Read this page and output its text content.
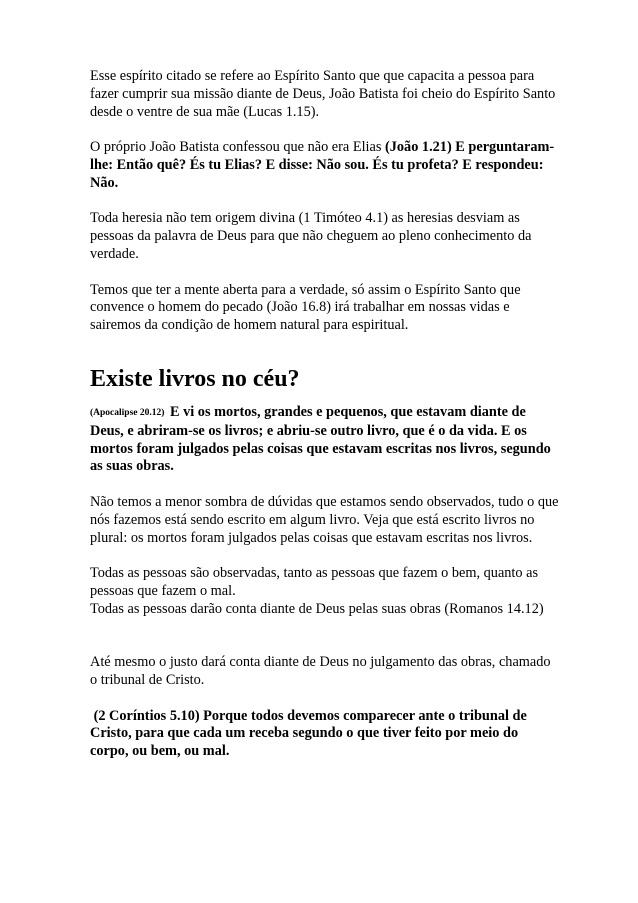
Esse espírito citado se refere ao Espírito Santo que que capacita a pessoa para fazer cumprir sua missão diante de Deus, João Batista foi cheio do Espírito Santo desde o ventre de sua mãe (Lucas 1.15).

O próprio João Batista confessou que não era Elias (João 1.21) E perguntaram-lhe: Então quê? És tu Elias? E disse: Não sou. És tu profeta? E respondeu: Não.

Toda heresia não tem origem divina (1 Timóteo 4.1) as heresias desviam as pessoas da palavra de Deus para que não cheguem ao pleno conhecimento da verdade.

Temos que ter a mente aberta para a verdade, só assim o Espírito Santo que convence o homem do pecado (João 16.8) irá trabalhar em nossas vidas e sairemos da condição de homem natural para espiritual.

Existe livros no céu?

(Apocalipse 20.12) E vi os mortos, grandes e pequenos, que estavam diante de Deus, e abriram-se os livros; e abriu-se outro livro, que é o da vida. E os mortos foram julgados pelas coisas que estavam escritas nos livros, segundo as suas obras.

Não temos a menor sombra de dúvidas que estamos sendo observados, tudo o que nós fazemos está sendo escrito em algum livro. Veja que está escrito livros no plural: os mortos foram julgados pelas coisas que estavam escritas nos livros.

Todas as pessoas são observadas, tanto as pessoas que fazem o bem, quanto as pessoas que fazem o mal.

Todas as pessoas darão conta diante de Deus pelas suas obras (Romanos 14.12)

Até mesmo o justo dará conta diante de Deus no julgamento das obras, chamado o tribunal de Cristo.

(2 Coríntios 5.10) Porque todos devemos comparecer ante o tribunal de Cristo, para que cada um receba segundo o que tiver feito por meio do corpo, ou bem, ou mal.
